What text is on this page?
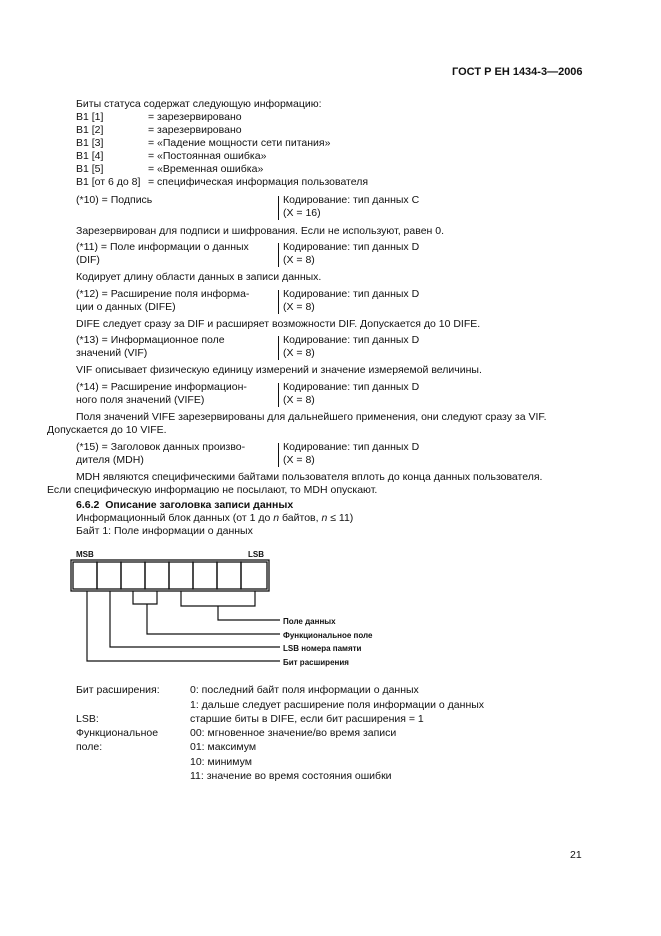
ГОСТ Р ЕН 1434-3—2006
Биты статуса содержат следующую информацию:
B1 [1]	= зарезервировано
B1 [2]	= зарезервировано
B1 [3]	= «Падение мощности сети питания»
B1 [4]	= «Постоянная ошибка»
B1 [5]	= «Временная ошибка»
B1 [от 6 до 8] = специфическая информация пользователя
(*10) = Подпись	Кодирование: тип данных C
(X = 16)
Зарезервирован для подписи и шифрования. Если не используют, равен 0.
(*11) = Поле информации о данных
(DIF)
Кодирование: тип данных D
(X = 8)
Кодирует длину области данных в записи данных.
(*12) = Расширение поля информа-
ции о данных (DIFE)
Кодирование: тип данных D
(X = 8)
DIFE следует сразу за DIF и расширяет возможности DIF. Допускается до 10 DIFE.
(*13) = Информационное поле
значений (VIF)
Кодирование: тип данных D
(X = 8)
VIF описывает физическую единицу измерений и значение измеряемой величины.
(*14) = Расширение информацион-
ного поля значений (VIFE)
Кодирование: тип данных D
(X = 8)
Поля значений VIFE зарезервированы для дальнейшего применения, они следуют сразу за VIF.
Допускается до 10 VIFE.
(*15) = Заголовок данных произво-
дителя (MDH)
Кодирование: тип данных D
(X = 8)
MDH являются специфическими байтами пользователя вплоть до конца данных пользователя.
Если специфическую информацию не посылают, то MDH опускают.
6.6.2 Описание заголовка записи данных
Информационный блок данных (от 1 до n байтов, n ≤ 11)
Байт 1: Поле информации о данных
MSB	LSB
Поле данных
Функциональное поле
LSB номера памяти
Бит расширения
Бит расширения:	0: последний байт поля информации о данных
1: дальше следует расширение поля информации о данных
LSB:	старшие биты в DIFE, если бит расширения = 1
Функциональное
поле:
00: мгновенное значение/во время записи
01: максимум
10: минимум
11: значение во время состояния ошибки
21
